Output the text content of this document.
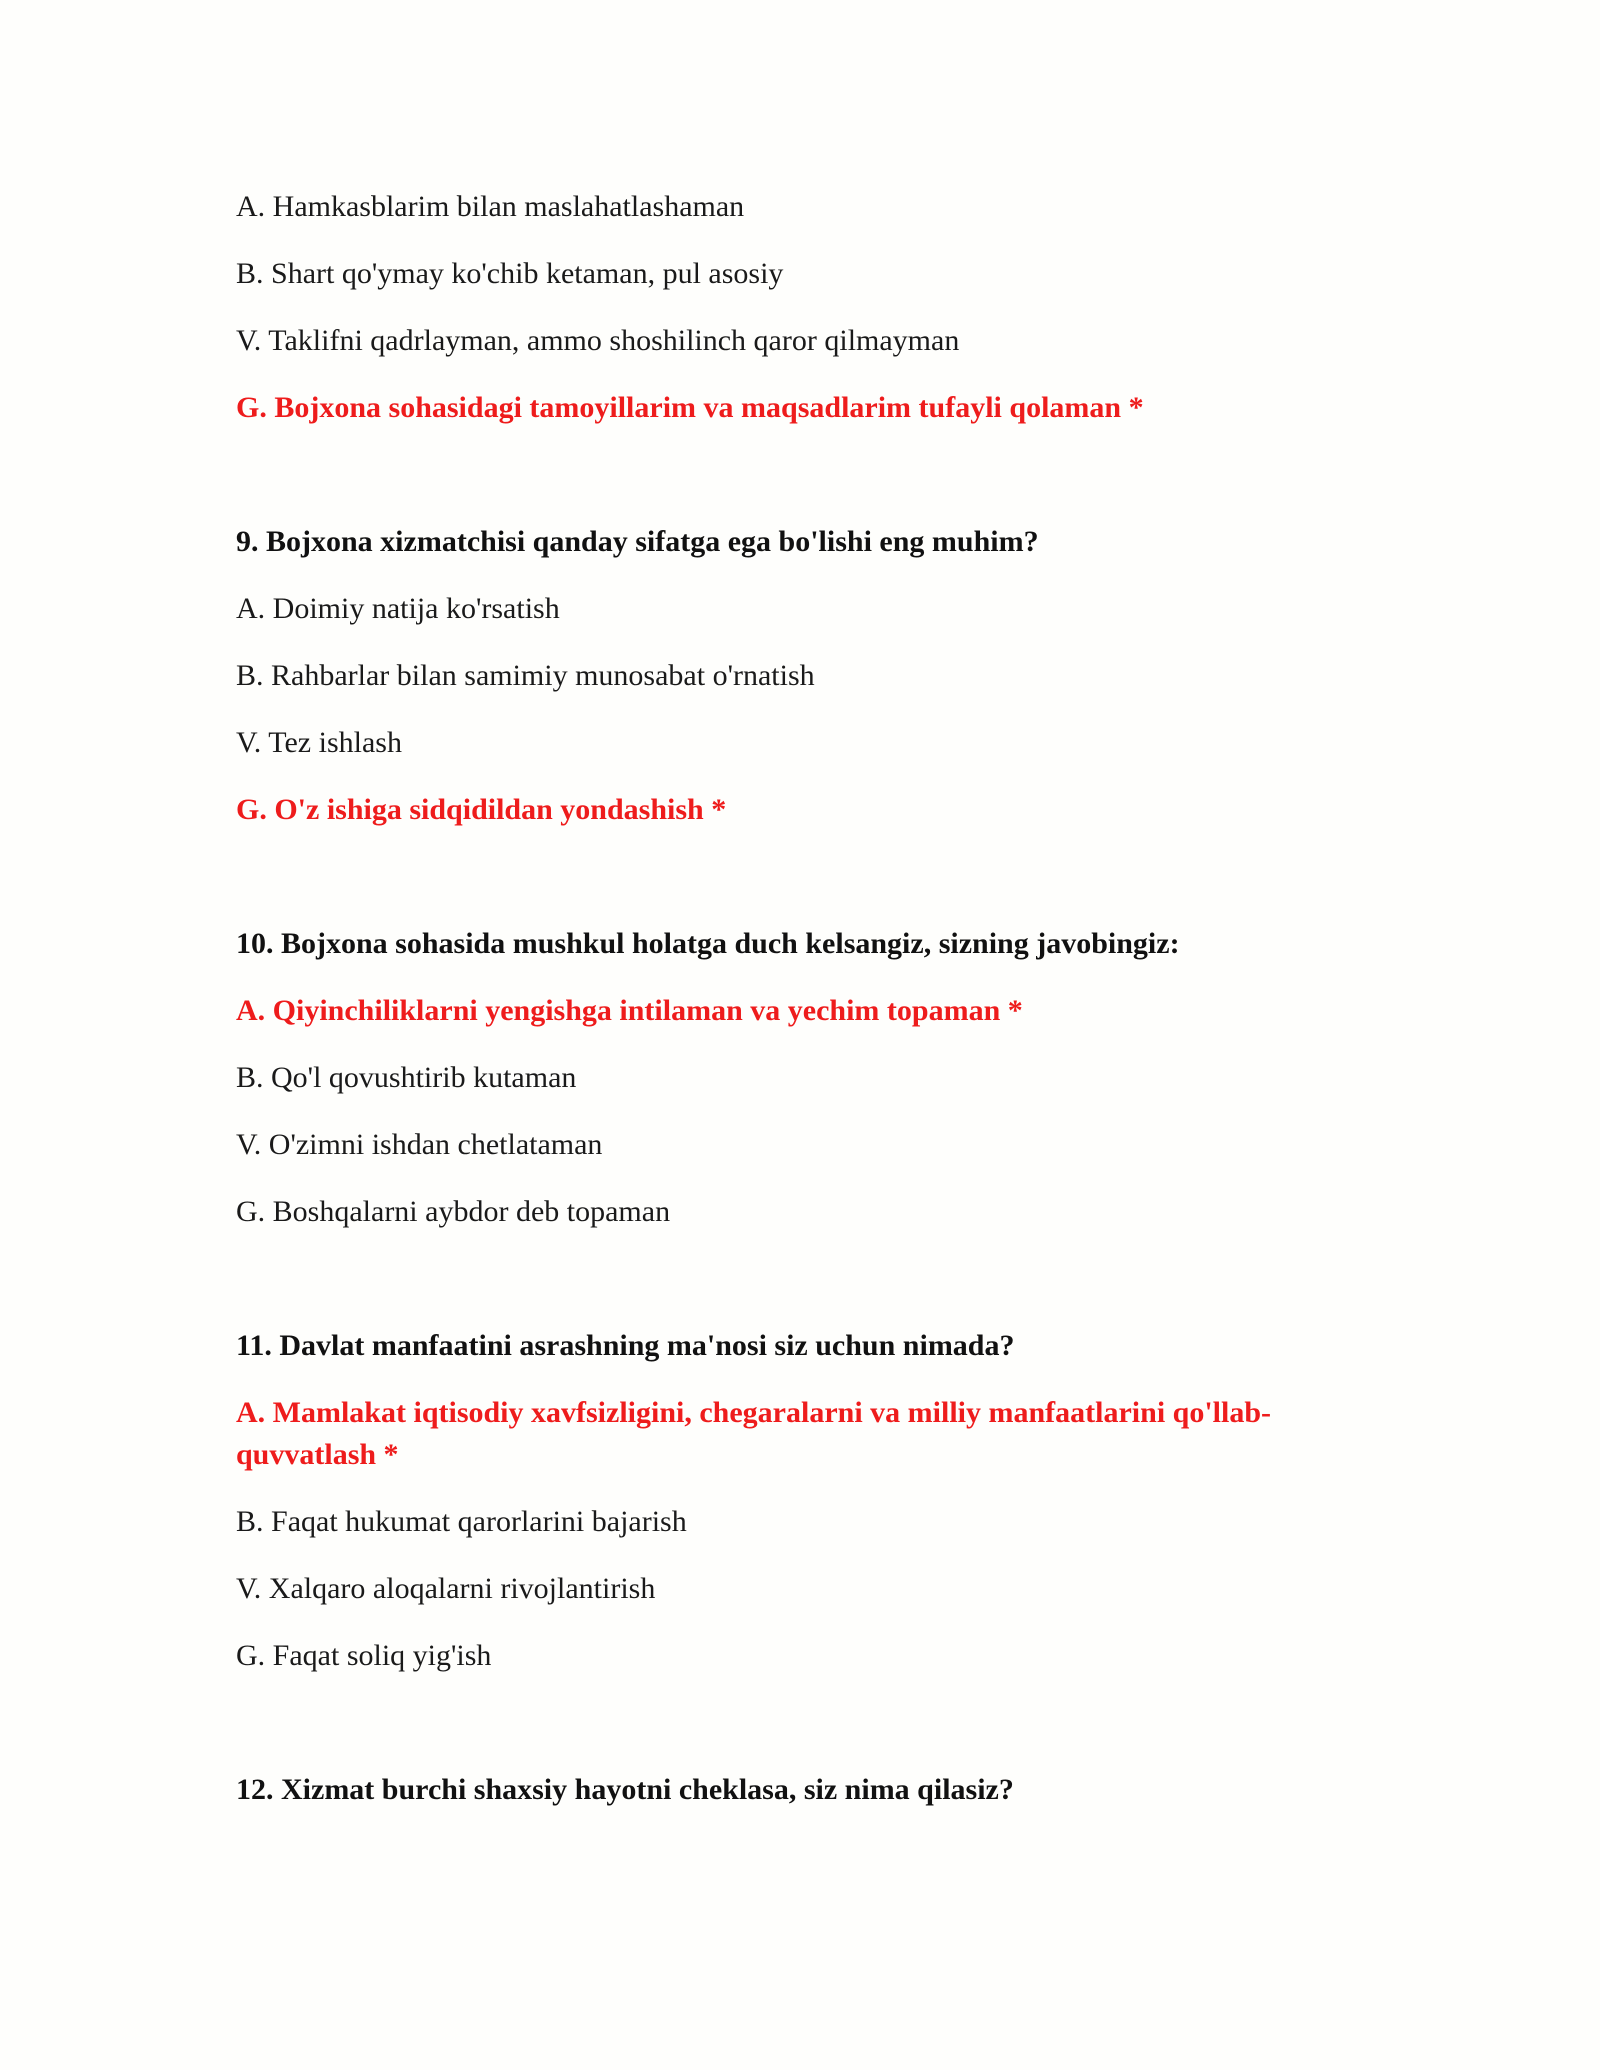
A. Hamkasblarim bilan maslahatlashaman

B. Shart qo'ymay ko'chib ketaman, pul asosiy

V. Taklifni qadrlayman, ammo shoshilinch qaror qilmayman

G. Bojxona sohasidagi tamoyillarim va maqsadlarim tufayli qolaman *

9. Bojxona xizmatchisi qanday sifatga ega bo'lishi eng muhim?

A. Doimiy natija ko'rsatish

B. Rahbarlar bilan samimiy munosabat o'rnatish

V. Tez ishlash

G. O'z ishiga sidqidildan yondashish *

10. Bojxona sohasida mushkul holatga duch kelsangiz, sizning javobingiz:

A. Qiyinchiliklarni yengishga intilaman va yechim topaman *

B. Qo'l qovushtirib kutaman

V. O'zimni ishdan chetlataman

G. Boshqalarni aybdor deb topaman

11. Davlat manfaatini asrashning ma'nosi siz uchun nimada?

A. Mamlakat iqtisodiy xavfsizligini, chegaralarni va milliy manfaatlarini qo'llab-quvvatlash *

B. Faqat hukumat qarorlarini bajarish

V. Xalqaro aloqalarni rivojlantirish

G. Faqat soliq yig'ish

12. Xizmat burchi shaxsiy hayotni cheklasa, siz nima qilasiz?
